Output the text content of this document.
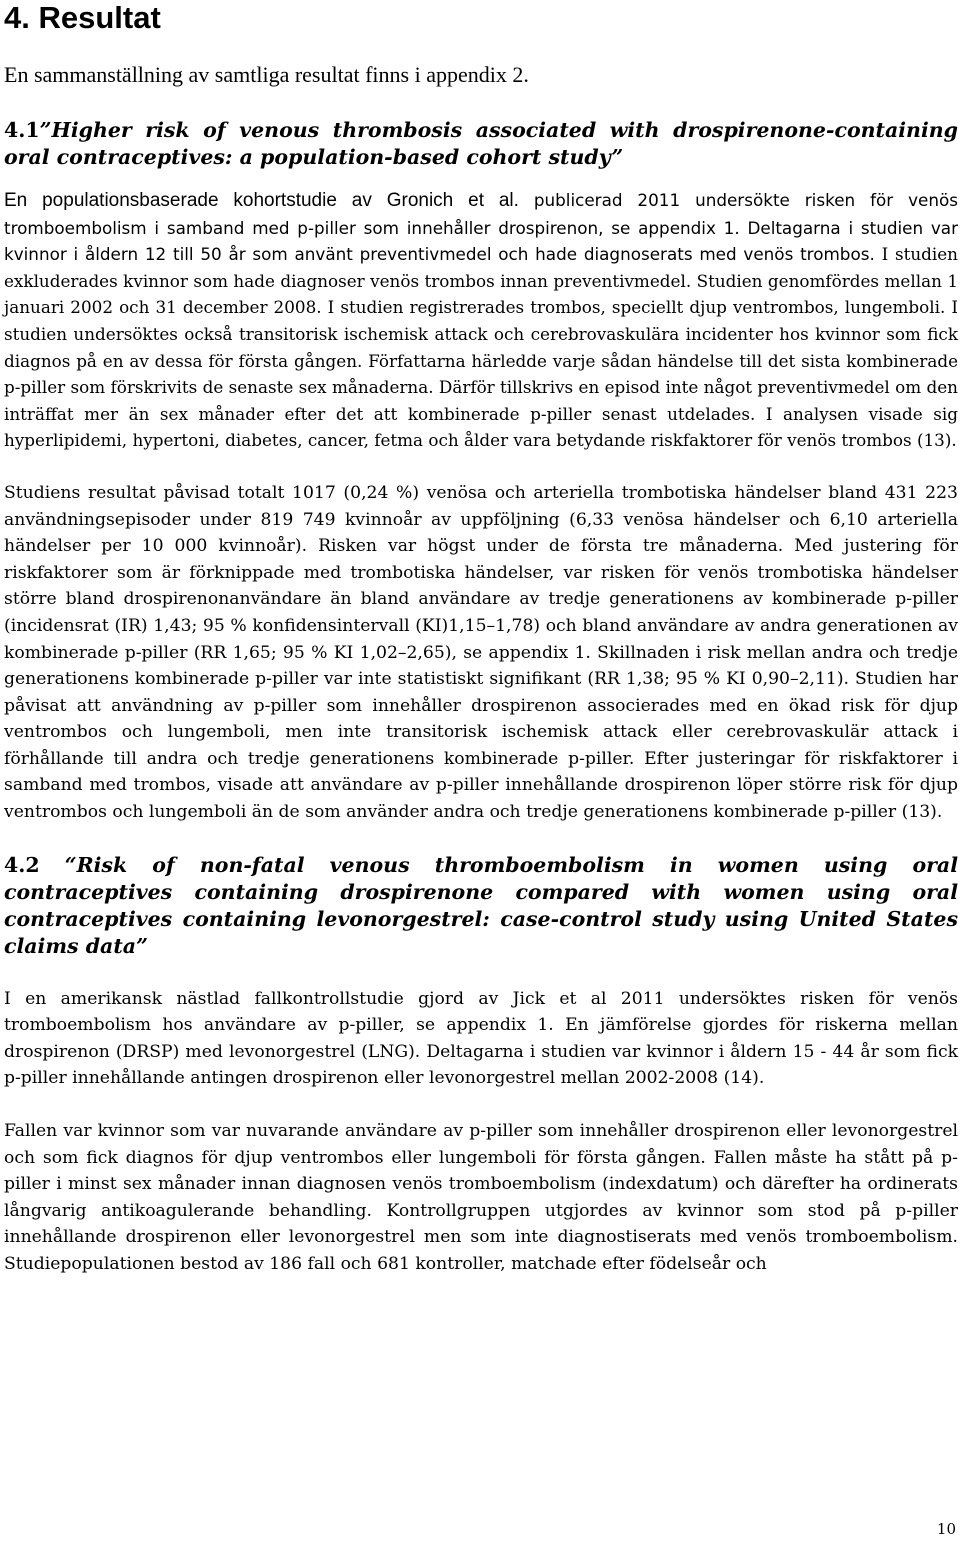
4. Resultat

En sammanställning av samtliga resultat finns i appendix 2.

4.1”Higher risk of venous thrombosis associated with drospirenone-containing oral contraceptives: a population-based cohort study”

En populationsbaserade kohortstudie av Gronich et al. publicerad 2011 undersökte risken för venös tromboembolism i samband med p-piller som innehåller drospirenon, se appendix 1. Deltagarna i studien var kvinnor i åldern 12 till 50 år som använt preventivmedel och hade diagnoserats med venös trombos. I studien exkluderades kvinnor som hade diagnoser venös trombos innan preventivmedel. Studien genomfördes mellan 1 januari 2002 och 31 december 2008. I studien registrerades trombos, speciellt djup ventrombos, lungemboli. I studien undersöktes också transitorisk ischemisk attack och cerebrovaskulära incidenter hos kvinnor som fick diagnos på en av dessa för första gången. Författarna härledde varje sådan händelse till det sista kombinerade p-piller som förskrivits de senaste sex månaderna. Därför tillskrivs en episod inte något preventivmedel om den inträffat mer än sex månader efter det att kombinerade p-piller senast utdelades. I analysen visade sig hyperlipidemi, hypertoni, diabetes, cancer, fetma och ålder vara betydande riskfaktorer för venös trombos (13).

Studiens resultat påvisad totalt 1017 (0,24 %) venösa och arteriella trombotiska händelser bland 431 223 användningsepisoder under 819 749 kvinnoår av uppföljning (6,33 venösa händelser och 6,10 arteriella händelser per 10 000 kvinnoår). Risken var högst under de första tre månaderna. Med justering för riskfaktorer som är förknippade med trombotiska händelser, var risken för venös trombotiska händelser större bland drospirenonanvändare än bland användare av tredje generationens av kombinerade p-piller (incidensrat (IR) 1,43; 95 % konfidensintervall (KI)1,15–1,78) och bland användare av andra generationen av kombinerade p-piller (RR 1,65; 95 % KI 1,02–2,65), se appendix 1. Skillnaden i risk mellan andra och tredje generationens kombinerade p-piller var inte statistiskt signifikant (RR 1,38; 95 % KI 0,90–2,11). Studien har påvisat att användning av p-piller som innehåller drospirenon associerades med en ökad risk för djup ventrombos och lungemboli, men inte transitorisk ischemisk attack eller cerebrovaskulär attack i förhållande till andra och tredje generationens kombinerade p-piller. Efter justeringar för riskfaktorer i samband med trombos, visade att användare av p-piller innehållande drospirenon löper större risk för djup ventrombos och lungemboli än de som använder andra och tredje generationens kombinerade p-piller (13).

4.2 “Risk of non-fatal venous thromboembolism in women using oral contraceptives containing drospirenone compared with women using oral contraceptives containing levonorgestrel: case-control study using United States claims data”

I en amerikansk nästlad fallkontrollstudie gjord av Jick et al 2011 undersöktes risken för venös tromboembolism hos användare av p-piller, se appendix 1. En jämförelse gjordes för riskerna mellan drospirenon (DRSP) med levonorgestrel (LNG). Deltagarna i studien var kvinnor i åldern 15 - 44 år som fick p-piller innehållande antingen drospirenon eller levonorgestrel mellan 2002-2008 (14).

Fallen var kvinnor som var nuvarande användare av p-piller som innehåller drospirenon eller levonorgestrel och som fick diagnos för djup ventrombos eller lungemboli för första gången. Fallen måste ha stått på p-piller i minst sex månader innan diagnosen venös tromboembolism (indexdatum) och därefter ha ordinerats långvarig antikoagulerande behandling. Kontrollgruppen utgjordes av kvinnor som stod på p-piller innehållande drospirenon eller levonorgestrel men som inte diagnostiserats med venös tromboembolism. Studiepopulationen bestod av 186 fall och 681 kontroller, matchade efter födelseår och

10
